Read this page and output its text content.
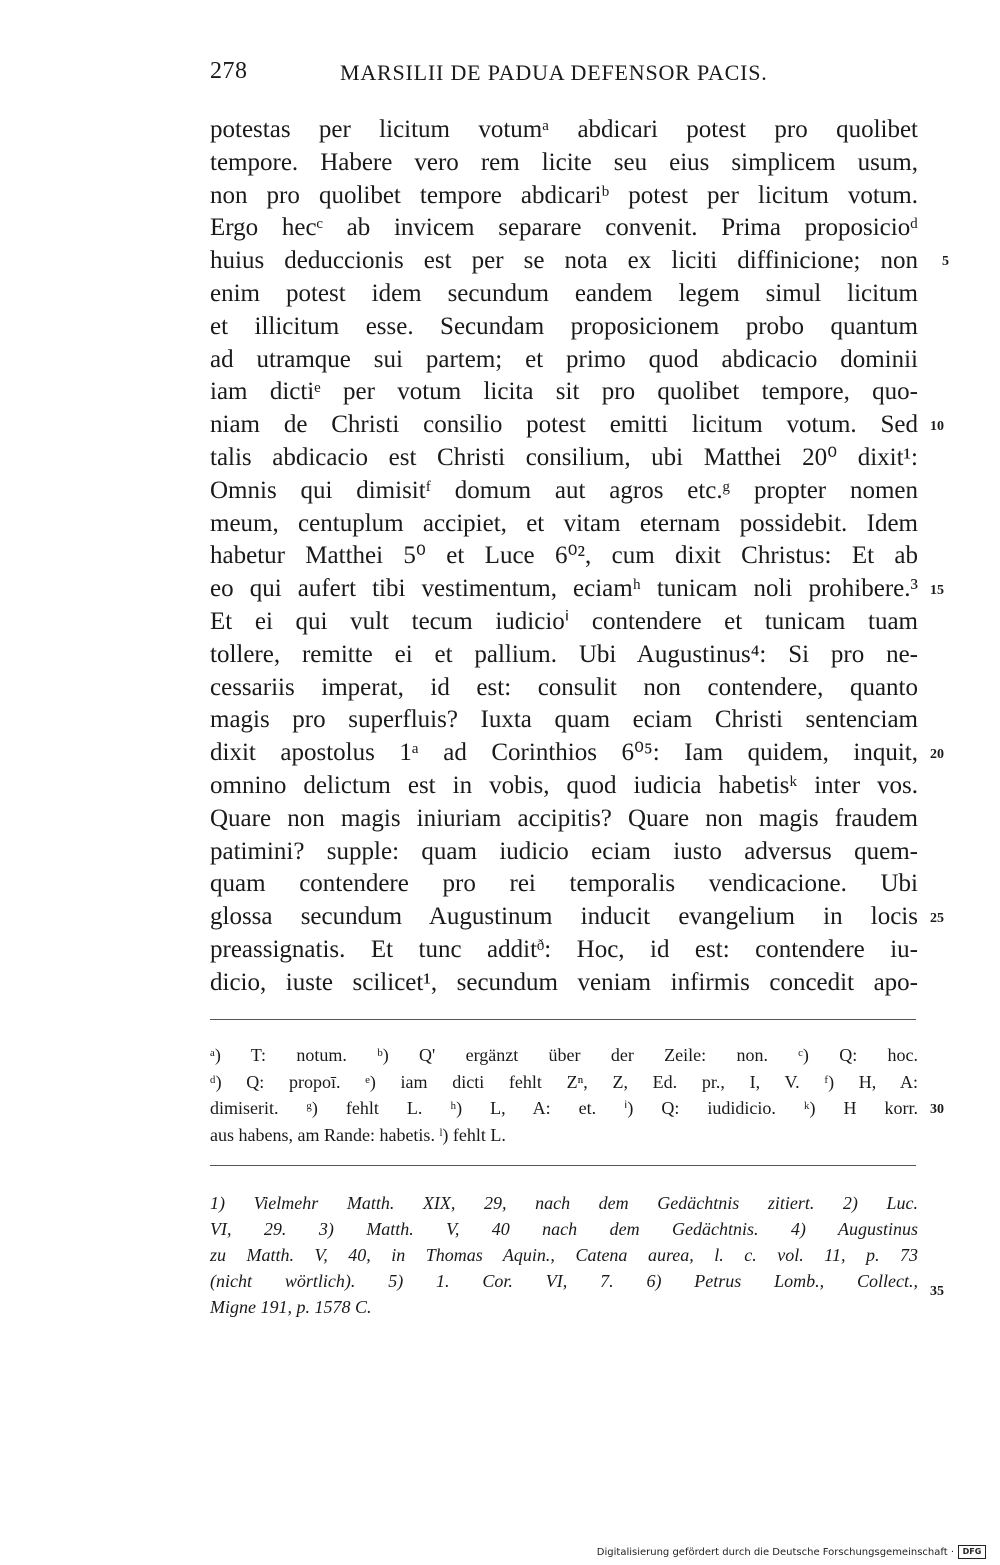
278	MARSILII DE PADUA DEFENSOR PACIS.
potestas per licitum votumᵃ abdicari potest pro quolibet
tempore. Habere vero rem licite seu eius simplicem usum,
non pro quolibet tempore abdicariᵇ potest per licitum votum.
Ergo hecᶜ ab invicem separare convenit. Prima proposicioᵈ
huius deduccionis est per se nota ex liciti diffinicione; non
enim potest idem secundum eandem legem simul licitum
et illicitum esse. Secundam proposicionem probo quantum
ad utramque sui partem; et primo quod abdicacio dominii
iam dictiᵉ per votum licita sit pro quolibet tempore, quo-
niam de Christi consilio potest emitti licitum votum. Sed
talis abdicacio est Christi consilium, ubi Matthei 20⁰ dixit¹:
Omnis qui dimisitᶠ domum aut agros etc.ᵍ propter nomen
meum, centuplum accipiet, et vitam eternam possidebit. Idem
habetur Matthei 5⁰ et Luce 6⁰², cum dixit Christus: Et ab
eo qui aufert tibi vestimentum, eciamʰ tunicam noli prohibere.³
Et ei qui vult tecum iudicioⁱ contendere et tunicam tuam
tollere, remitte ei et pallium. Ubi Augustinus⁴: Si pro ne-
cessariis imperat, id est: consulit non contendere, quanto
magis pro superfluis? Iuxta quam eciam Christi sentenciam
dixit apostolus 1ᵃ ad Corinthios 6⁰⁵: Iam quidem, inquit,
omnino delictum est in vobis, quod iudicia habetisᵏ inter vos.
Quare non magis iniuriam accipitis? Quare non magis fraudem
patimini? supple: quam iudicio eciam iusto adversus quem-
quam contendere pro rei temporalis vendicacione. Ubi
glossa secundum Augustinum inducit evangelium in locis
preassignatis. Et tunc additᶞ: Hoc, id est: contendere iu-
dicio, iuste scilicet¹, secundum veniam infirmis concedit apo-
5
10
15
20
25
30
35
ᵃ) T: notum. ᵇ) Q' ergänzt über der Zeile: non. ᶜ) Q: hoc.
ᵈ) Q: propoī. ᵉ) iam dicti fehlt Zⁿ, Z, Ed. pr., I, V. ᶠ) H, A:
dimiserit. ᵍ) fehlt L. ʰ) L, A: et. ⁱ) Q: iudidicio. ᵏ) H korr.
aus habens, am Rande: habetis. ˡ) fehlt L.
1) Vielmehr Matth. XIX, 29, nach dem Gedächtnis zitiert. 2) Luc.
VI, 29. 3) Matth. V, 40 nach dem Gedächtnis. 4) Augustinus
zu Matth. V, 40, in Thomas Aquin., Catena aurea, l. c. vol. 11, p. 73
(nicht wörtlich). 5) 1. Cor. VI, 7. 6) Petrus Lomb., Collect.,
Migne 191, p. 1578 C.
Digitalisierung gefördert durch die Deutsche Forschungsgemeinschaft ·	DFG
